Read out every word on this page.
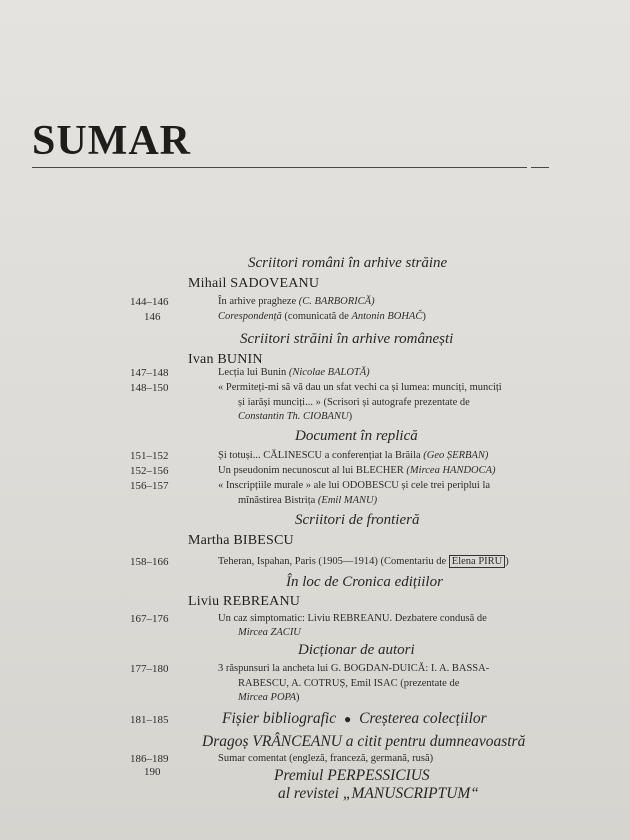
SUMAR
Scriitori români în arhive străine
Mihail SADOVEANU
144–146	În arhive pragheze (C. BARBORICĂ)
146	Corespondență (comunicată de Antonin BOHAČ)
Scriitori străini în arhive românești
Ivan BUNIN
147–148	Lecția lui Bunin (Nicolae BALOTĂ)
148–150	« Permiteți-mi să vă dau un sfat vechi ca și lumea: munciți, munciți
și iarăși munciți... » (Scrisori și autografe prezentate de
Constantin Th. CIOBANU)
Document în replică
151–152	Și totuși... CĂLINESCU a conferențiat la Brăila (Geo ȘERBAN)
152–156	Un pseudonim necunoscut al lui BLECHER (Mircea HANDOCA)
156–157	« Inscripțiile murale » ale lui ODOBESCU și cele trei periplui la
mînăstirea Bistrița (Emil MANU)
Scriitori de frontieră
Martha BIBESCU
158–166	Teheran, Ispahan, Paris (1905—1914) (Comentariu de Elena PIRU )
În loc de Cronica edițiilor
Liviu REBREANU
167–176	Un caz simptomatic: Liviu REBREANU. Dezbatere condusă de
Mircea ZACIU
Dicționar de autori
177–180	3 răspunsuri la ancheta lui G. BOGDAN-DUICĂ: I. A. BASSA-
RABESCU, A. COTRUȘ, Emil ISAC (prezentate de
Mircea POPA)
181–185	Fișier bibliografic ● Creșterea colecțiilor
Dragoș VRÂNCEANU a citit pentru dumneavoastră
186–189	Sumar comentat (engleză, franceză, germană, rusă)
190	Premiul PERPESSICIUS
al revistei „MANUSCRIPTUM“
